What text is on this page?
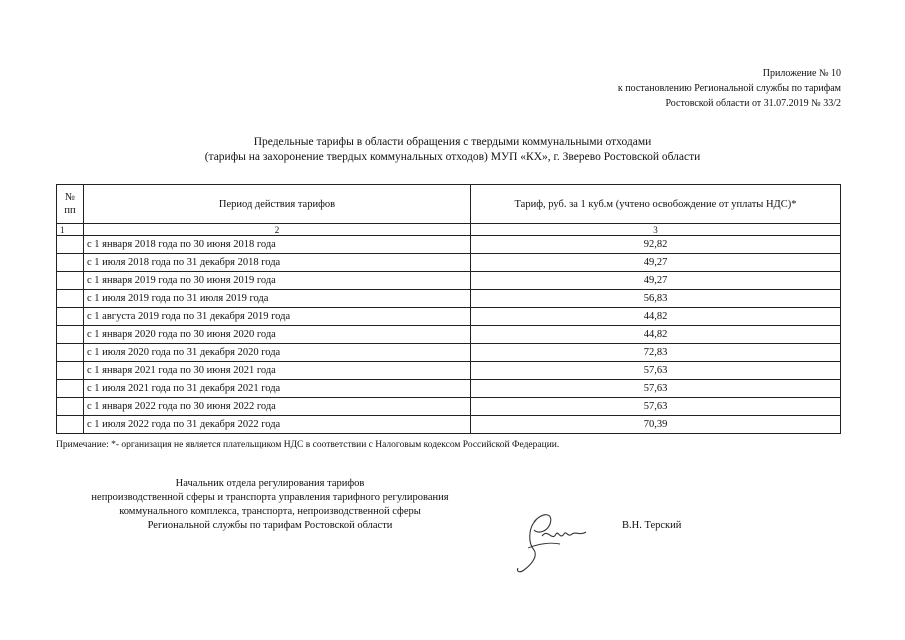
Приложение № 10
к постановлению Региональной службы по тарифам
Ростовской области от 31.07.2019 № 33/2
Предельные тарифы в области обращения с твердыми коммунальными отходами
(тарифы на захоронение твердых коммунальных отходов) МУП «КХ», г. Зверево Ростовской области
№
пп	Период действия тарифов	Тариф, руб. за 1 куб.м (учтено освобождение от уплаты НДС)*
1	2	3
	с 1 января 2018 года по 30 июня 2018 года	92,82
	с 1 июля 2018 года по 31 декабря 2018 года	49,27
	с 1 января 2019 года по 30 июня 2019 года	49,27
	с 1 июля 2019 года по 31 июля 2019 года	56,83
	с 1 августа 2019 года по 31 декабря 2019 года	44,82
	с 1 января 2020 года по 30 июня 2020 года	44,82
	с 1 июля 2020 года по 31 декабря 2020 года	72,83
	с 1 января 2021 года по 30 июня 2021 года	57,63
	с 1 июля 2021 года по 31 декабря 2021 года	57,63
	с 1 января 2022 года по 30 июня 2022 года	57,63
	с 1 июля 2022 года по 31 декабря 2022 года	70,39
Примечание: *- организация не является плательщиком НДС в соответствии с Налоговым кодексом Российской Федерации.
Начальник отдела регулирования тарифов
непроизводственной сферы и транспорта управления тарифного регулирования
коммунального комплекса, транспорта, непроизводственной сферы
Региональной службы по тарифам Ростовской области	В.Н. Терский
